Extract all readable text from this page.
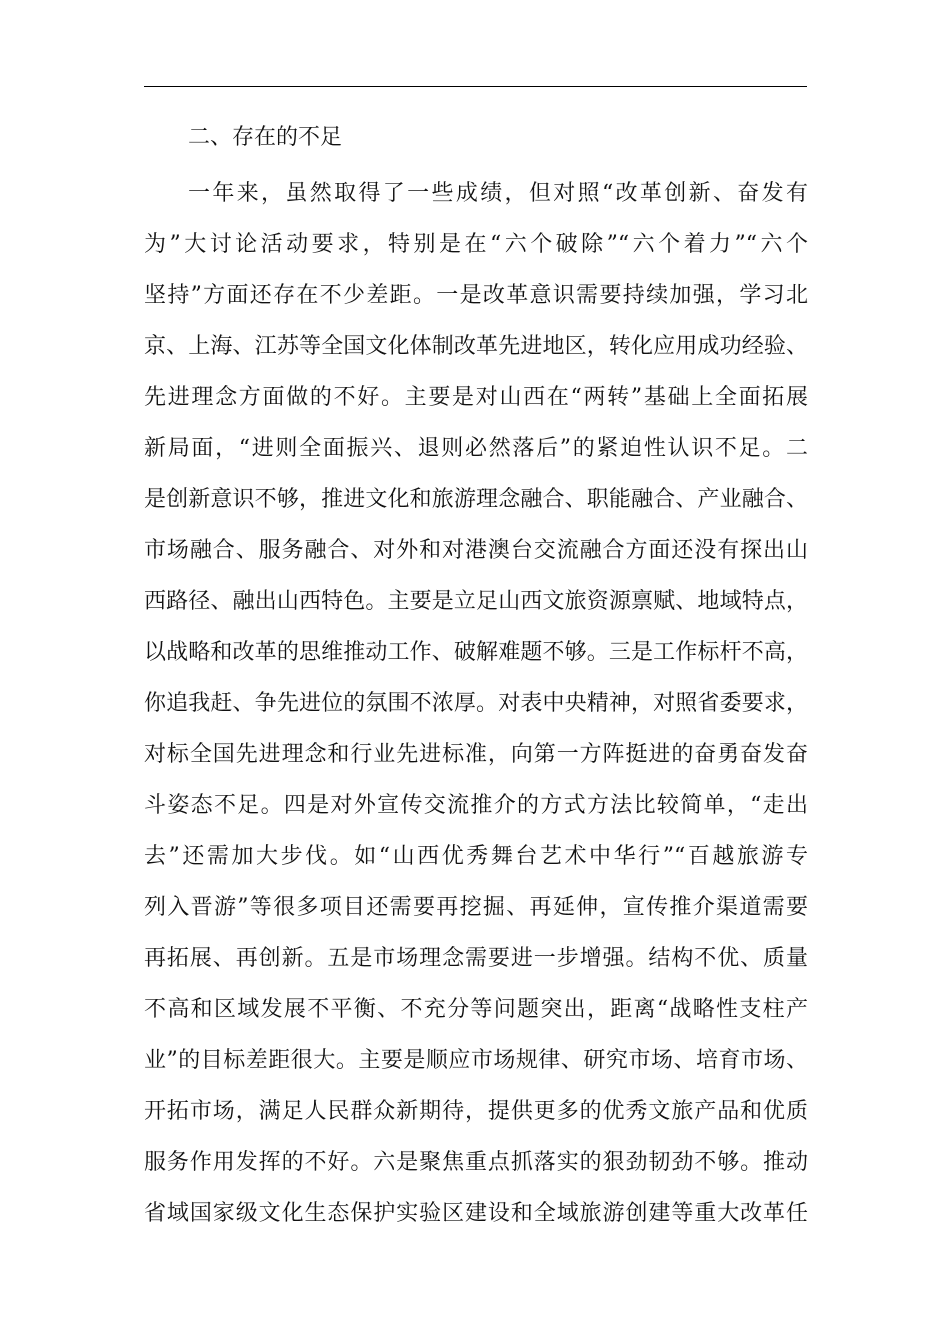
二、存在的不足
一年来，虽然取得了一些成绩，但对照“改革创新、奋发有
为”大讨论活动要求，特别是在“六个破除”“六个着力”“六个
坚持”方面还存在不少差距。一是改革意识需要持续加强，学习北
京、上海、江苏等全国文化体制改革先进地区，转化应用成功经验、
先进理念方面做的不好。主要是对山西在“两转”基础上全面拓展
新局面，“进则全面振兴、退则必然落后”的紧迫性认识不足。二
是创新意识不够，推进文化和旅游理念融合、职能融合、产业融合、
市场融合、服务融合、对外和对港澳台交流融合方面还没有探出山
西路径、融出山西特色。主要是立足山西文旅资源禀赋、地域特点，
以战略和改革的思维推动工作、破解难题不够。三是工作标杆不高，
你追我赶、争先进位的氛围不浓厚。对表中央精神，对照省委要求，
对标全国先进理念和行业先进标准，向第一方阵挺进的奋勇奋发奋
斗姿态不足。四是对外宣传交流推介的方式方法比较简单，“走出
去”还需加大步伐。如“山西优秀舞台艺术中华行”“百越旅游专
列入晋游”等很多项目还需要再挖掘、再延伸，宣传推介渠道需要
再拓展、再创新。五是市场理念需要进一步增强。结构不优、质量
不高和区域发展不平衡、不充分等问题突出，距离“战略性支柱产
业”的目标差距很大。主要是顺应市场规律、研究市场、培育市场、
开拓市场，满足人民群众新期待，提供更多的优秀文旅产品和优质
服务作用发挥的不好。六是聚焦重点抓落实的狠劲韧劲不够。推动
省域国家级文化生态保护实验区建设和全域旅游创建等重大改革任
